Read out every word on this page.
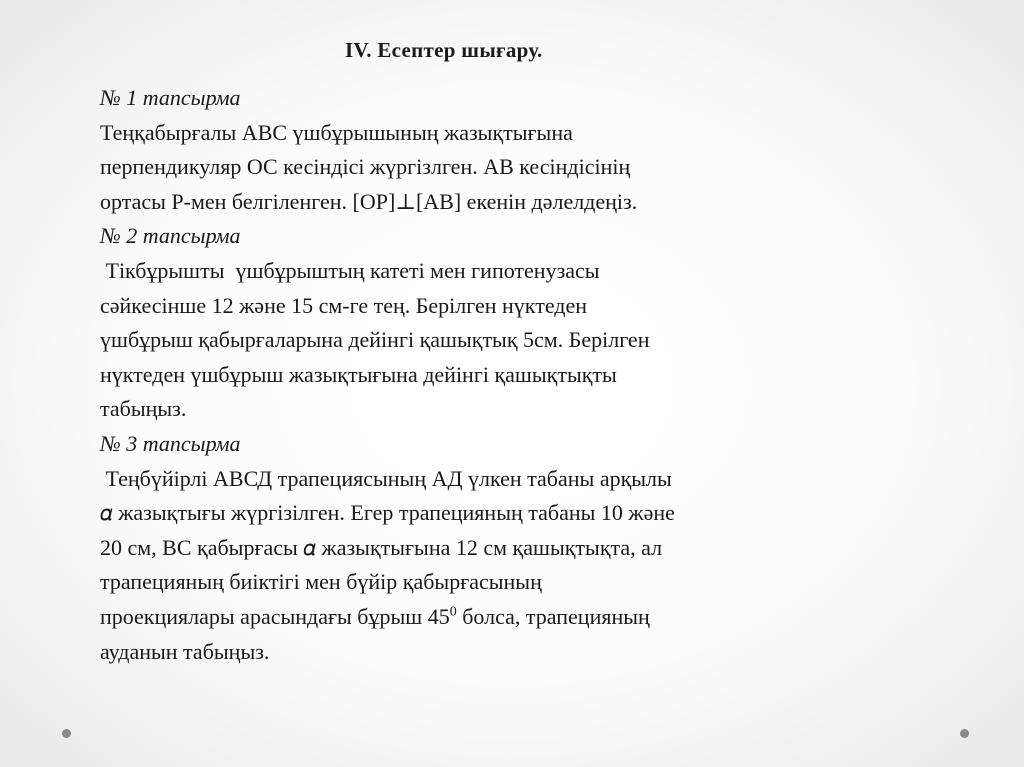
IV. Есептер шығару.
№ 1 тапсырма
Теңқабырғалы АВС үшбұрышының жазықтығына
перпендикуляр ОС кесіндісі жүргізлген. АВ кесіндісінің
ортасы Р-мен белгіленген. [ОР]⊥[АВ] екенін дәлелдеңіз.
№ 2 тапсырма
Тікбұрышты  үшбұрыштың катеті мен гипотенузасы
сәйкесінше 12 және 15 см-ге тең. Берілген нүктеден
үшбұрыш қабырғаларына дейінгі қашықтық 5см. Берілген
нүктеден үшбұрыш жазықтығына дейінгі қашықтықты
табыңыз.
№ 3 тапсырма
Теңбүйірлі АВСД трапециясының АД үлкен табаны арқылы
𝛼 жазықтығы жүргізілген. Егер трапецияның табаны 10 және
20 см, ВС қабырғасы 𝛼 жазықтығына 12 см қашықтықта, ал
трапецияның биіктігі мен бүйір қабырғасының
проекциялары арасындағы бұрыш $45^0$ болса, трапецияның
ауданын табыңыз.
